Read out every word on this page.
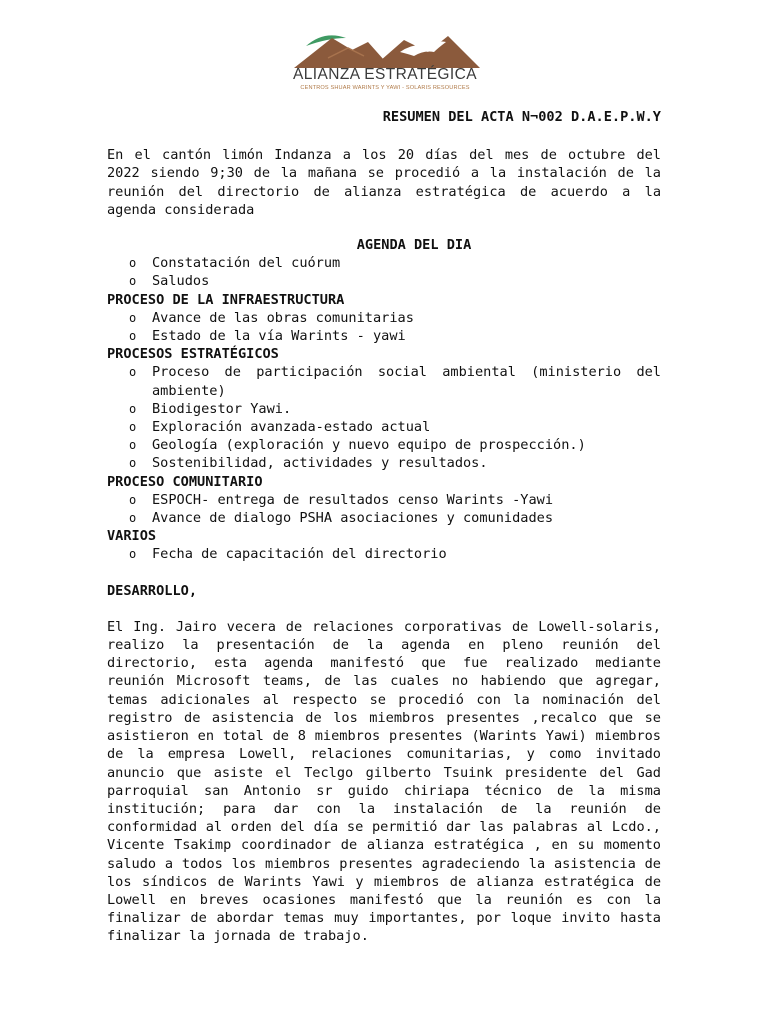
ALIANZA ESTRATÉGICA
CENTROS SHUAR WARINTS Y YAWI - SOLARIS RESOURCES
RESUMEN DEL ACTA N¬002 D.A.E.P.W.Y

En el cantón limón Indanza a los 20 días del mes de octubre del 2022 siendo 9;30 de la mañana se procedió a la instalación de la reunión del directorio de alianza estratégica de acuerdo a la agenda considerada

AGENDA DEL DIA
o Constatación del cuórum
o Saludos
PROCESO DE LA INFRAESTRUCTURA
o Avance de las obras comunitarias
o Estado de la vía Warints - yawi
PROCESOS ESTRATÉGICOS
o Proceso de participación social ambiental (ministerio del ambiente)
o Biodigestor Yawi.
o Exploración avanzada-estado actual
o Geología (exploración y nuevo equipo de prospección.)
o Sostenibilidad, actividades y resultados.
PROCESO COMUNITARIO
o ESPOCH- entrega de resultados censo Warints -Yawi
o Avance de dialogo PSHA asociaciones y comunidades
VARIOS
o Fecha de capacitación del directorio
DESARROLLO,

El Ing. Jairo vecera de relaciones corporativas de Lowell-solaris, realizo la presentación de la agenda en pleno reunión del directorio, esta agenda manifestó que fue realizado mediante reunión Microsoft teams, de las cuales no habiendo que agregar, temas adicionales al respecto se procedió con la nominación del registro de asistencia de los miembros presentes ,recalco que se asistieron en total de 8 miembros presentes (Warints Yawi) miembros de la empresa Lowell, relaciones comunitarias, y como invitado anuncio que asiste el Teclgo gilberto Tsuink presidente del Gad parroquial san Antonio sr guido chiriapa técnico de la misma institución; para dar con la instalación de la reunión de conformidad al orden del día se permitió dar las palabras al Lcdo., Vicente Tsakimp coordinador de alianza estratégica , en su momento saludo a todos los miembros presentes agradeciendo la asistencia de los síndicos de Warints Yawi y miembros de alianza estratégica de Lowell en breves ocasiones manifestó que la reunión es con la finalizar de abordar temas muy importantes, por loque invito hasta finalizar la jornada de trabajo.
